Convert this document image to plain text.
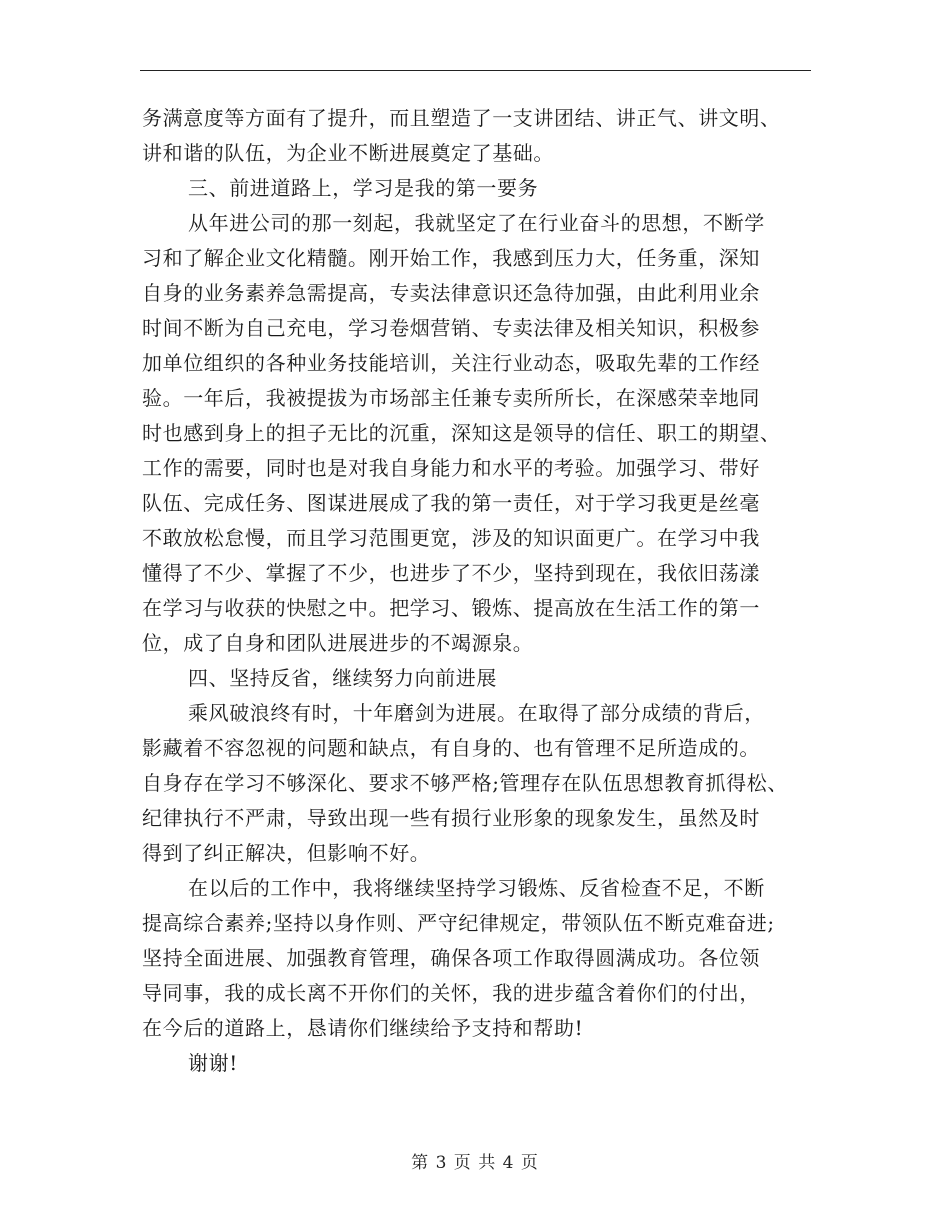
务满意度等方面有了提升，而且塑造了一支讲团结、讲正气、讲文明、
讲和谐的队伍，为企业不断进展奠定了基础。
三、前进道路上，学习是我的第一要务
从年进公司的那一刻起，我就坚定了在行业奋斗的思想，不断学
习和了解企业文化精髓。刚开始工作，我感到压力大，任务重，深知
自身的业务素养急需提高，专卖法律意识还急待加强，由此利用业余
时间不断为自己充电，学习卷烟营销、专卖法律及相关知识，积极参
加单位组织的各种业务技能培训，关注行业动态，吸取先辈的工作经
验。一年后，我被提拔为市场部主任兼专卖所所长，在深感荣幸地同
时也感到身上的担子无比的沉重，深知这是领导的信任、职工的期望、
工作的需要，同时也是对我自身能力和水平的考验。加强学习、带好
队伍、完成任务、图谋进展成了我的第一责任，对于学习我更是丝毫
不敢放松怠慢，而且学习范围更宽，涉及的知识面更广。在学习中我
懂得了不少、掌握了不少，也进步了不少，坚持到现在，我依旧荡漾
在学习与收获的快慰之中。把学习、锻炼、提高放在生活工作的第一
位，成了自身和团队进展进步的不竭源泉。
四、坚持反省，继续努力向前进展
乘风破浪终有时，十年磨剑为进展。在取得了部分成绩的背后，
影藏着不容忽视的问题和缺点，有自身的、也有管理不足所造成的。
自身存在学习不够深化、要求不够严格;管理存在队伍思想教育抓得松、
纪律执行不严肃，导致出现一些有损行业形象的现象发生，虽然及时
得到了纠正解决，但影响不好。
在以后的工作中，我将继续坚持学习锻炼、反省检查不足，不断
提高综合素养;坚持以身作则、严守纪律规定，带领队伍不断克难奋进;
坚持全面进展、加强教育管理，确保各项工作取得圆满成功。各位领
导同事，我的成长离不开你们的关怀，我的进步蕴含着你们的付出，
在今后的道路上，恳请你们继续给予支持和帮助!
谢谢!
第 3 页 共 4 页
